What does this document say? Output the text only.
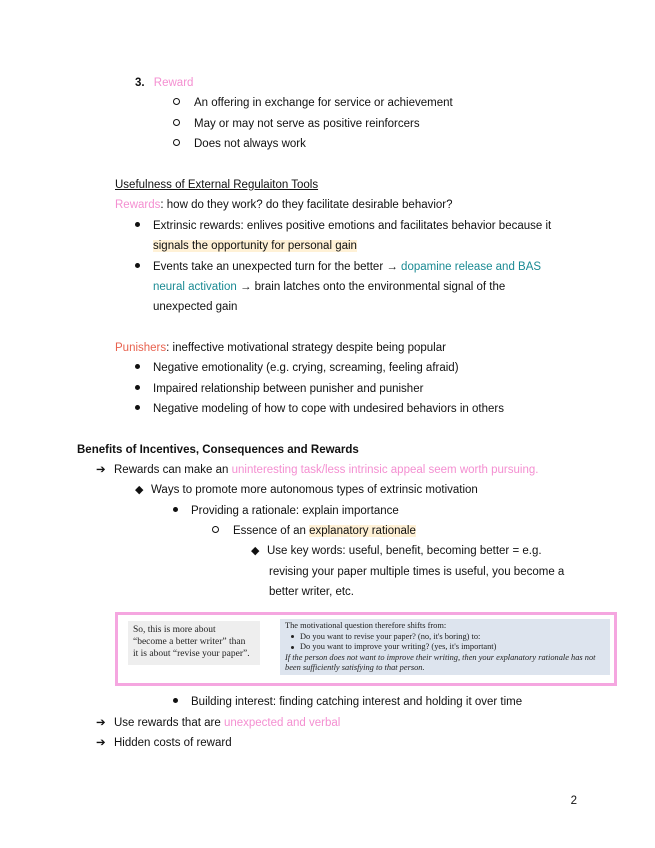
3. Reward
An offering in exchange for service or achievement
May or may not serve as positive reinforcers
Does not always work
Usefulness of External Regulaiton Tools
Rewards: how do they work? do they facilitate desirable behavior?
Extrinsic rewards: enlives positive emotions and facilitates behavior because it
signals the opportunity for personal gain
Events take an unexpected turn for the better → dopamine release and BAS
neural activation → brain latches onto the environmental signal of the
unexpected gain
Punishers: ineffective motivational strategy despite being popular
Negative emotionality (e.g. crying, screaming, feeling afraid)
Impaired relationship between punisher and punisher
Negative modeling of how to cope with undesired behaviors in others
Benefits of Incentives, Consequences and Rewards
➔ Rewards can make an uninteresting task/less intrinsic appeal seem worth pursuing.
◆ Ways to promote more autonomous types of extrinsic motivation
Providing a rationale: explain importance
Essence of an explanatory rationale
◆ Use key words: useful, benefit, becoming better = e.g.
revising your paper multiple times is useful, you become a
better writer, etc.
So, this is more about
“become a better writer” than
it is about “revise your paper”.
The motivational question therefore shifts from:
Do you want to revise your paper? (no, it's boring) to:
Do you want to improve your writing? (yes, it's important)
If the person does not want to improve their writing, then your explanatory rationale has not
been sufficiently satisfying to that person.
Building interest: finding catching interest and holding it over time
➔ Use rewards that are unexpected and verbal
➔ Hidden costs of reward
2
